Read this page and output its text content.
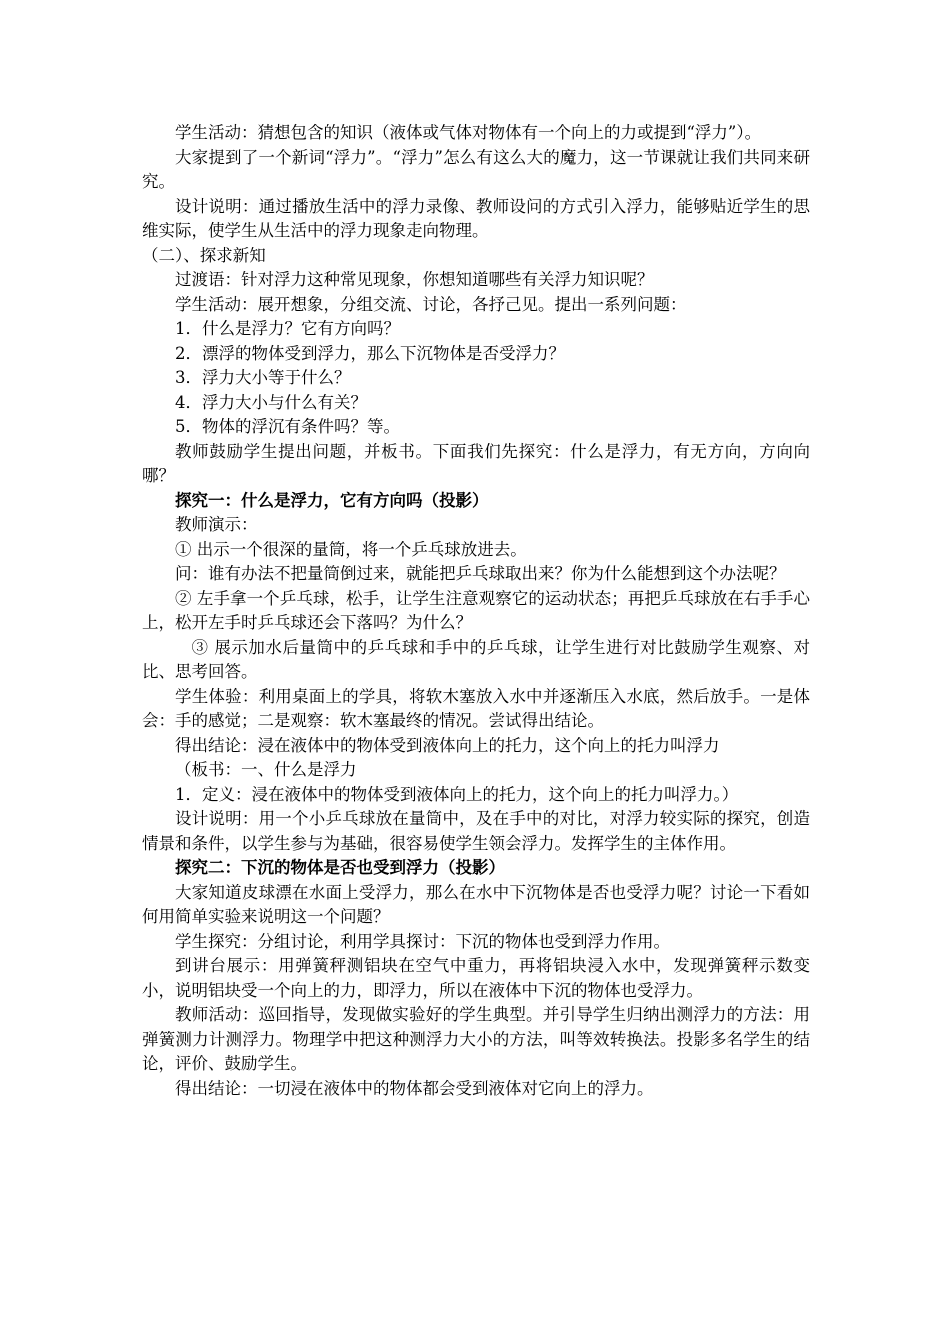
学生活动：猜想包含的知识（液体或气体对物体有一个向上的力或提到“浮力”）。

大家提到了一个新词“浮力”。“浮力”怎么有这么大的魔力，这一节课就让我们共同来研究。

设计说明：通过播放生活中的浮力录像、教师设问的方式引入浮力，能够贴近学生的思维实际，使学生从生活中的浮力现象走向物理。

（二）、探求新知

过渡语：针对浮力这种常见现象，你想知道哪些有关浮力知识呢？

学生活动：展开想象，分组交流、讨论，各抒己见。提出一系列问题：

1．什么是浮力？它有方向吗？

2．漂浮的物体受到浮力，那么下沉物体是否受浮力？

3．浮力大小等于什么？

4．浮力大小与什么有关？

5．物体的浮沉有条件吗？等。

教师鼓励学生提出问题，并板书。下面我们先探究：什么是浮力，有无方向，方向向哪？

探究一：什么是浮力，它有方向吗（投影）

教师演示：

① 出示一个很深的量筒，将一个乒乓球放进去。

问：谁有办法不把量筒倒过来，就能把乒乓球取出来？你为什么能想到这个办法呢？

② 左手拿一个乒乓球，松手，让学生注意观察它的运动状态；再把乒乓球放在右手手心上，松开左手时乒乓球还会下落吗？为什么？

③ 展示加水后量筒中的乒乓球和手中的乒乓球，让学生进行对比鼓励学生观察、对比、思考回答。

学生体验：利用桌面上的学具，将软木塞放入水中并逐渐压入水底，然后放手。一是体会：手的感觉；二是观察：软木塞最终的情况。尝试得出结论。

得出结论：浸在液体中的物体受到液体向上的托力，这个向上的托力叫浮力

（板书：一、什么是浮力

1．定义：浸在液体中的物体受到液体向上的托力，这个向上的托力叫浮力。）

设计说明：用一个小乒乓球放在量筒中，及在手中的对比，对浮力较实际的探究，创造情景和条件，以学生参与为基础，很容易使学生领会浮力。发挥学生的主体作用。

探究二：下沉的物体是否也受到浮力（投影）

大家知道皮球漂在水面上受浮力，那么在水中下沉物体是否也受浮力呢？讨论一下看如何用简单实验来说明这一个问题？

学生探究：分组讨论，利用学具探讨：下沉的物体也受到浮力作用。

到讲台展示：用弹簧秤测铝块在空气中重力，再将铝块浸入水中，发现弹簧秤示数变小，说明铝块受一个向上的力，即浮力，所以在液体中下沉的物体也受浮力。

教师活动：巡回指导，发现做实验好的学生典型。并引导学生归纳出测浮力的方法：用弹簧测力计测浮力。物理学中把这种测浮力大小的方法，叫等效转换法。投影多名学生的结论，评价、鼓励学生。

得出结论：一切浸在液体中的物体都会受到液体对它向上的浮力。
